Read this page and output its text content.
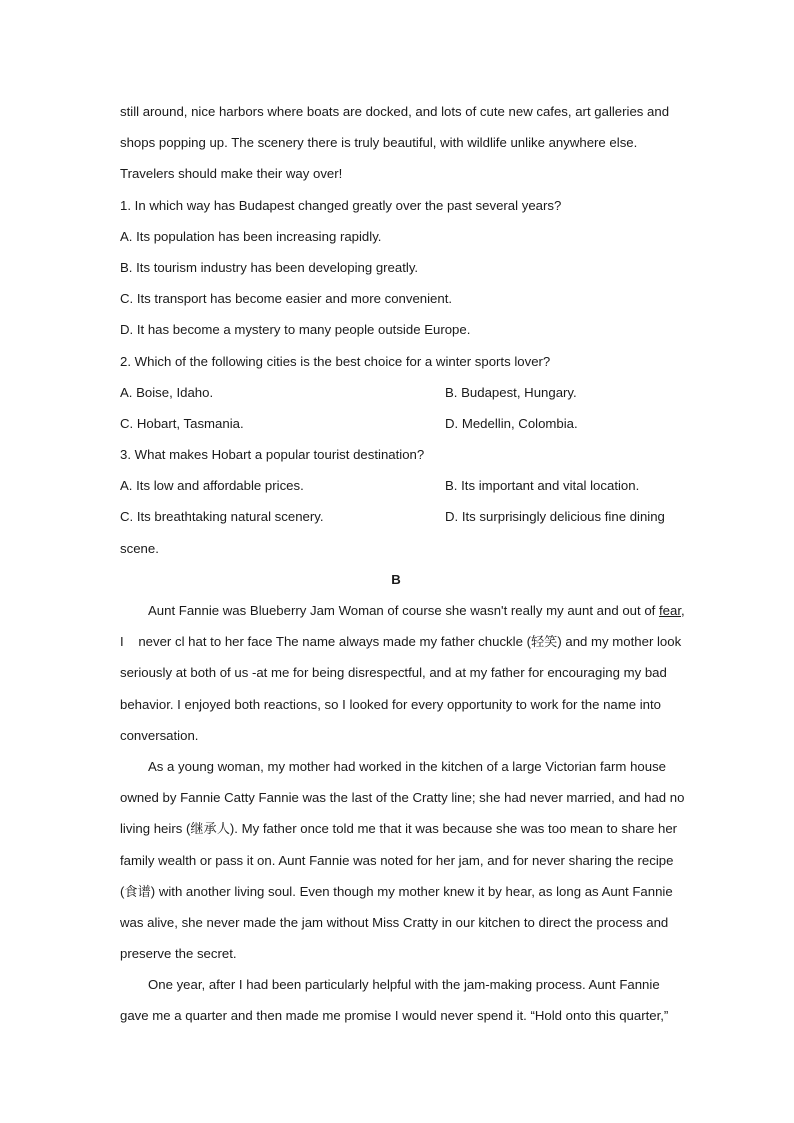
still around, nice harbors where boats are docked, and lots of cute new cafes, art galleries and
shops popping up. The scenery there is truly beautiful, with wildlife unlike anywhere else.
Travelers should make their way over!
1. In which way has Budapest changed greatly over the past several years?
A. Its population has been increasing rapidly.
B. Its tourism industry has been developing greatly.
C. Its transport has become easier and more convenient.
D. It has become a mystery to many people outside Europe.
2. Which of the following cities is the best choice for a winter sports lover?
A. Boise, Idaho.	B. Budapest, Hungary.
C. Hobart, Tasmania.	D. Medellin, Colombia.
3. What makes Hobart a popular tourist destination?
A. Its low and affordable prices.	B. Its important and vital location.
C. Its breathtaking natural scenery.	D. Its surprisingly delicious fine dining
scene.
B
Aunt Fannie was Blueberry Jam Woman of course she wasn't really my aunt and out of fear,
I    never cl hat to her face The name always made my father chuckle (轻笑) and my mother look
seriously at both of us -at me for being disrespectful, and at my father for encouraging my bad
behavior. I enjoyed both reactions, so I looked for every opportunity to work for the name into
conversation.
As a young woman, my mother had worked in the kitchen of a large Victorian farm house
owned by Fannie Catty Fannie was the last of the Cratty line; she had never married, and had no
living heirs (继承人). My father once told me that it was because she was too mean to share her
family wealth or pass it on. Aunt Fannie was noted for her jam, and for never sharing the recipe
(食谱) with another living soul. Even though my mother knew it by hear, as long as Aunt Fannie
was alive, she never made the jam without Miss Cratty in our kitchen to direct the process and
preserve the secret.
One year, after I had been particularly helpful with the jam-making process. Aunt Fannie
gave me a quarter and then made me promise I would never spend it. “Hold onto this quarter,”
